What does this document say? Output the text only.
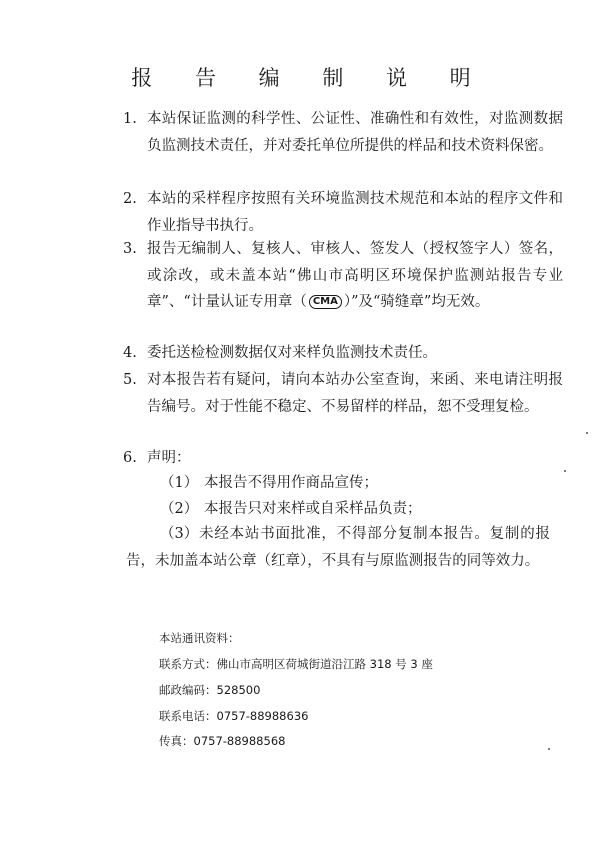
报 告 编 制 说 明
1. 本站保证监测的科学性、公证性、准确性和有效性，对监测数据负监测技术责任，并对委托单位所提供的样品和技术资料保密。
2. 本站的采样程序按照有关环境监测技术规范和本站的程序文件和作业指导书执行。
3. 报告无编制人、复核人、审核人、签发人（授权签字人）签名，或涂改，或未盖本站“佛山市高明区环境保护监测站报告专业章”、“计量认证专用章（ CMA ）”及“骑缝章”均无效。
4. 委托送检检测数据仅对来样负监测技术责任。
5. 对本报告若有疑问，请向本站办公室查询，来函、来电请注明报告编号。对于性能不稳定、不易留样的样品，恕不受理复检。
6. 声明：
（1） 本报告不得用作商品宣传；
（2） 本报告只对来样或自采样品负责；
（3）未经本站书面批准，不得部分复制本报告。复制的报告，未加盖本站公章（红章），不具有与原监测报告的同等效力。
本站通讯资料：
联系方式：佛山市高明区荷城街道沿江路 318 号 3 座
邮政编码：528500
联系电话：0757-88988636
传真：0757-88988568
